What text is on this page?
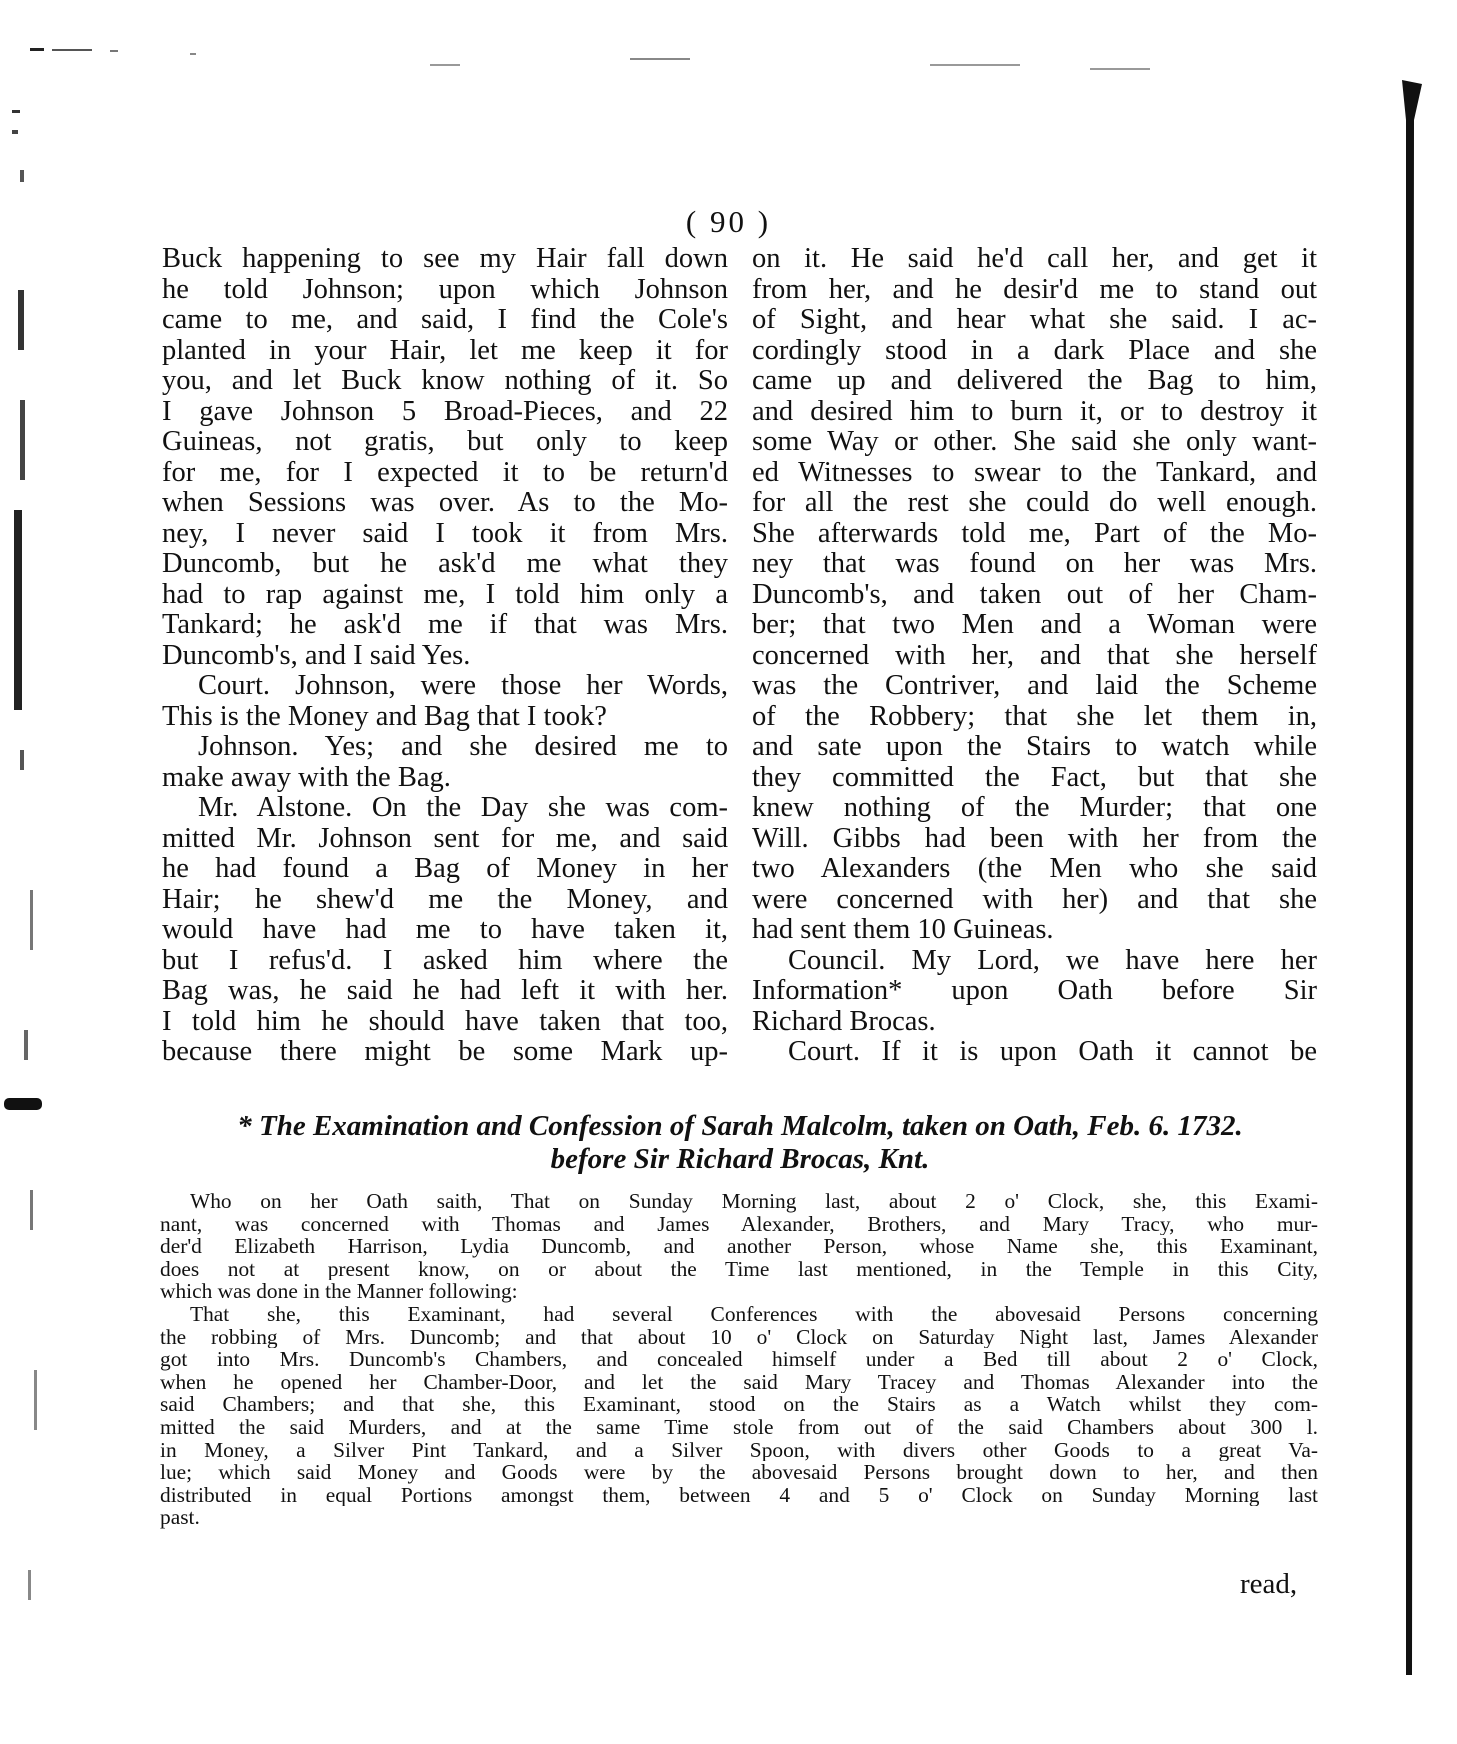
( 90 )
Buck happening to see my Hair fall down
he told Johnson; upon which Johnson
came to me, and said, I find the Cole's
planted in your Hair, let me keep it for
you, and let Buck know nothing of it. So
I gave Johnson 5 Broad-Pieces, and 22
Guineas, not gratis, but only to keep
for me, for I expected it to be return'd
when Sessions was over. As to the Mo-
ney, I never said I took it from Mrs.
Duncomb, but he ask'd me what they
had to rap against me, I told him only a
Tankard; he ask'd me if that was Mrs.
Duncomb's, and I said Yes.
Court. Johnson, were those her Words,
This is the Money and Bag that I took?
Johnson. Yes; and she desired me to
make away with the Bag.
Mr. Alstone. On the Day she was com-
mitted Mr. Johnson sent for me, and said
he had found a Bag of Money in her
Hair; he shew'd me the Money, and
would have had me to have taken it,
but I refus'd. I asked him where the
Bag was, he said he had left it with her.
I told him he should have taken that too,
because there might be some Mark up-
on it. He said he'd call her, and get it
from her, and he desir'd me to stand out
of Sight, and hear what she said. I ac-
cordingly stood in a dark Place and she
came up and delivered the Bag to him,
and desired him to burn it, or to destroy it
some Way or other. She said she only want-
ed Witnesses to swear to the Tankard, and
for all the rest she could do well enough.
She afterwards told me, Part of the Mo-
ney that was found on her was Mrs.
Duncomb's, and taken out of her Cham-
ber; that two Men and a Woman were
concerned with her, and that she herself
was the Contriver, and laid the Scheme
of the Robbery; that she let them in,
and sate upon the Stairs to watch while
they committed the Fact, but that she
knew nothing of the Murder; that one
Will. Gibbs had been with her from the
two Alexanders (the Men who she said
were concerned with her) and that she
had sent them 10 Guineas.
Council. My Lord, we have here her
Information* upon Oath before Sir
Richard Brocas.
Court. If it is upon Oath it cannot be
* The Examination and Confession of Sarah Malcolm, taken on Oath, Feb. 6. 1732.
before Sir Richard Brocas, Knt.
Who on her Oath saith, That on Sunday Morning last, about 2 o' Clock, she, this Exami-
nant, was concerned with Thomas and James Alexander, Brothers, and Mary Tracy, who mur-
der'd Elizabeth Harrison, Lydia Duncomb, and another Person, whose Name she, this Examinant,
does not at present know, on or about the Time last mentioned, in the Temple in this City,
which was done in the Manner following:
That she, this Examinant, had several Conferences with the abovesaid Persons concerning
the robbing of Mrs. Duncomb; and that about 10 o' Clock on Saturday Night last, James Alexander
got into Mrs. Duncomb's Chambers, and concealed himself under a Bed till about 2 o' Clock,
when he opened her Chamber-Door, and let the said Mary Tracey and Thomas Alexander into the
said Chambers; and that she, this Examinant, stood on the Stairs as a Watch whilst they com-
mitted the said Murders, and at the same Time stole from out of the said Chambers about 300 l.
in Money, a Silver Pint Tankard, and a Silver Spoon, with divers other Goods to a great Va-
lue; which said Money and Goods were by the abovesaid Persons brought down to her, and then
distributed in equal Portions amongst them, between 4 and 5 o' Clock on Sunday Morning last
past.
read,
